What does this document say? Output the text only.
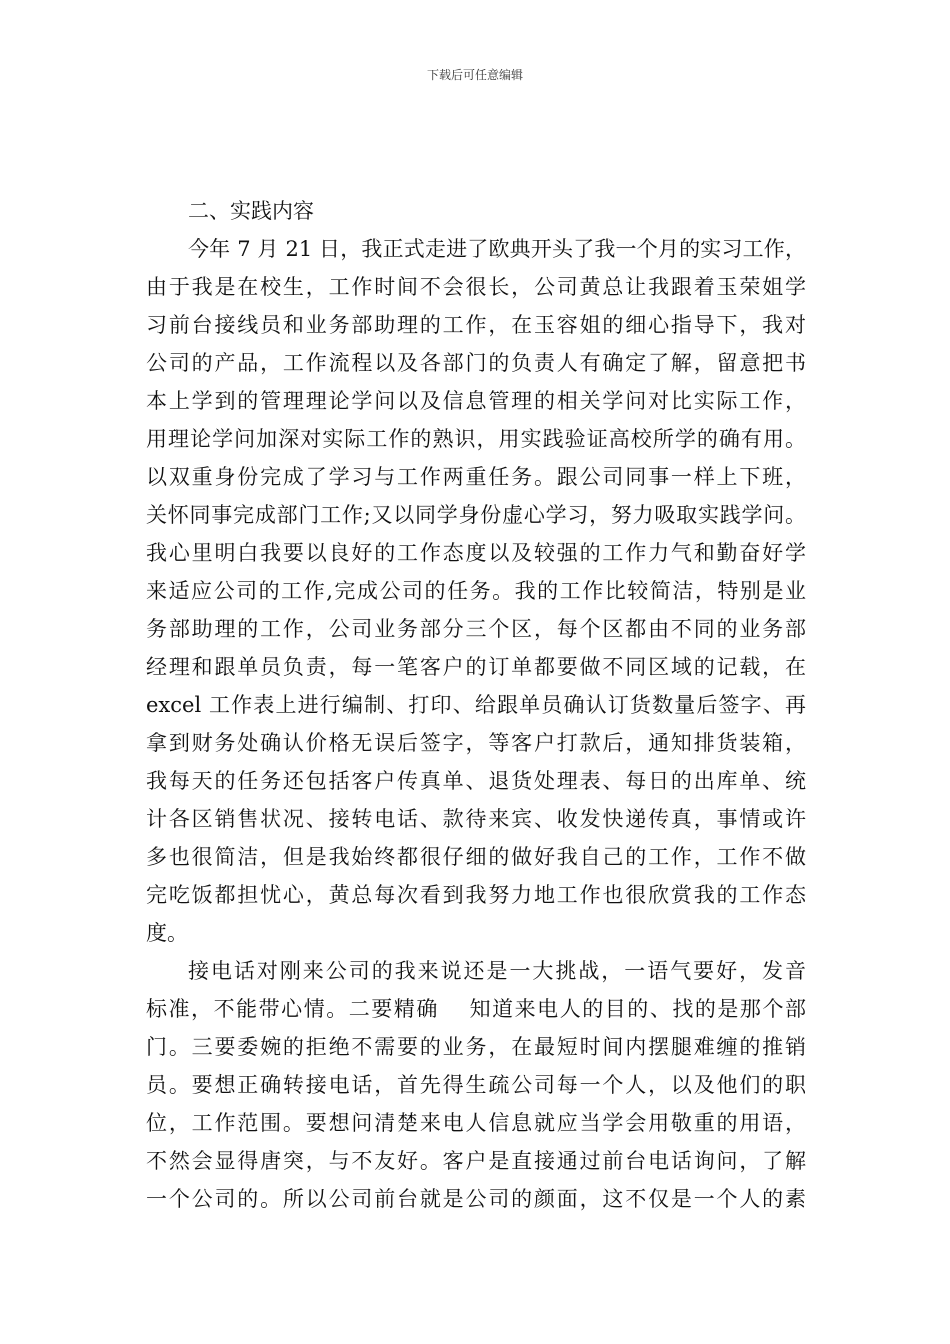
下载后可任意编辑
二、实践内容
今年 7 月 21 日，我正式走进了欧典开头了我一个月的实习工作，
由于我是在校生，工作时间不会很长，公司黄总让我跟着玉荣姐学
习前台接线员和业务部助理的工作，在玉容姐的细心指导下，我对
公司的产品，工作流程以及各部门的负责人有确定了解，留意把书
本上学到的管理理论学问以及信息管理的相关学问对比实际工作，
用理论学问加深对实际工作的熟识，用实践验证高校所学的确有用。
以双重身份完成了学习与工作两重任务。跟公司同事一样上下班，
关怀同事完成部门工作;又以同学身份虚心学习，努力吸取实践学问。
我心里明白我要以良好的工作态度以及较强的工作力气和勤奋好学
来适应公司的工作,完成公司的任务。我的工作比较简洁，特别是业
务部助理的工作，公司业务部分三个区，每个区都由不同的业务部
经理和跟单员负责，每一笔客户的订单都要做不同区域的记载，在
excel 工作表上进行编制、打印、给跟单员确认订货数量后签字、再
拿到财务处确认价格无误后签字，等客户打款后，通知排货装箱，
我每天的任务还包括客户传真单、退货处理表、每日的出库单、统
计各区销售状况、接转电话、款待来宾、收发快递传真，事情或许
多也很简洁，但是我始终都很仔细的做好我自己的工作，工作不做
完吃饭都担忧心，黄总每次看到我努力地工作也很欣赏我的工作态
度。
接电话对刚来公司的我来说还是一大挑战，一语气要好，发音
标准，不能带心情。二要精确　 知道来电人的目的、找的是那个部
门。三要委婉的拒绝不需要的业务，在最短时间内摆腿难缠的推销
员。要想正确转接电话，首先得生疏公司每一个人，以及他们的职
位，工作范围。要想问清楚来电人信息就应当学会用敬重的用语，
不然会显得唐突，与不友好。客户是直接通过前台电话询问，了解
一个公司的。所以公司前台就是公司的颜面，这不仅是一个人的素
